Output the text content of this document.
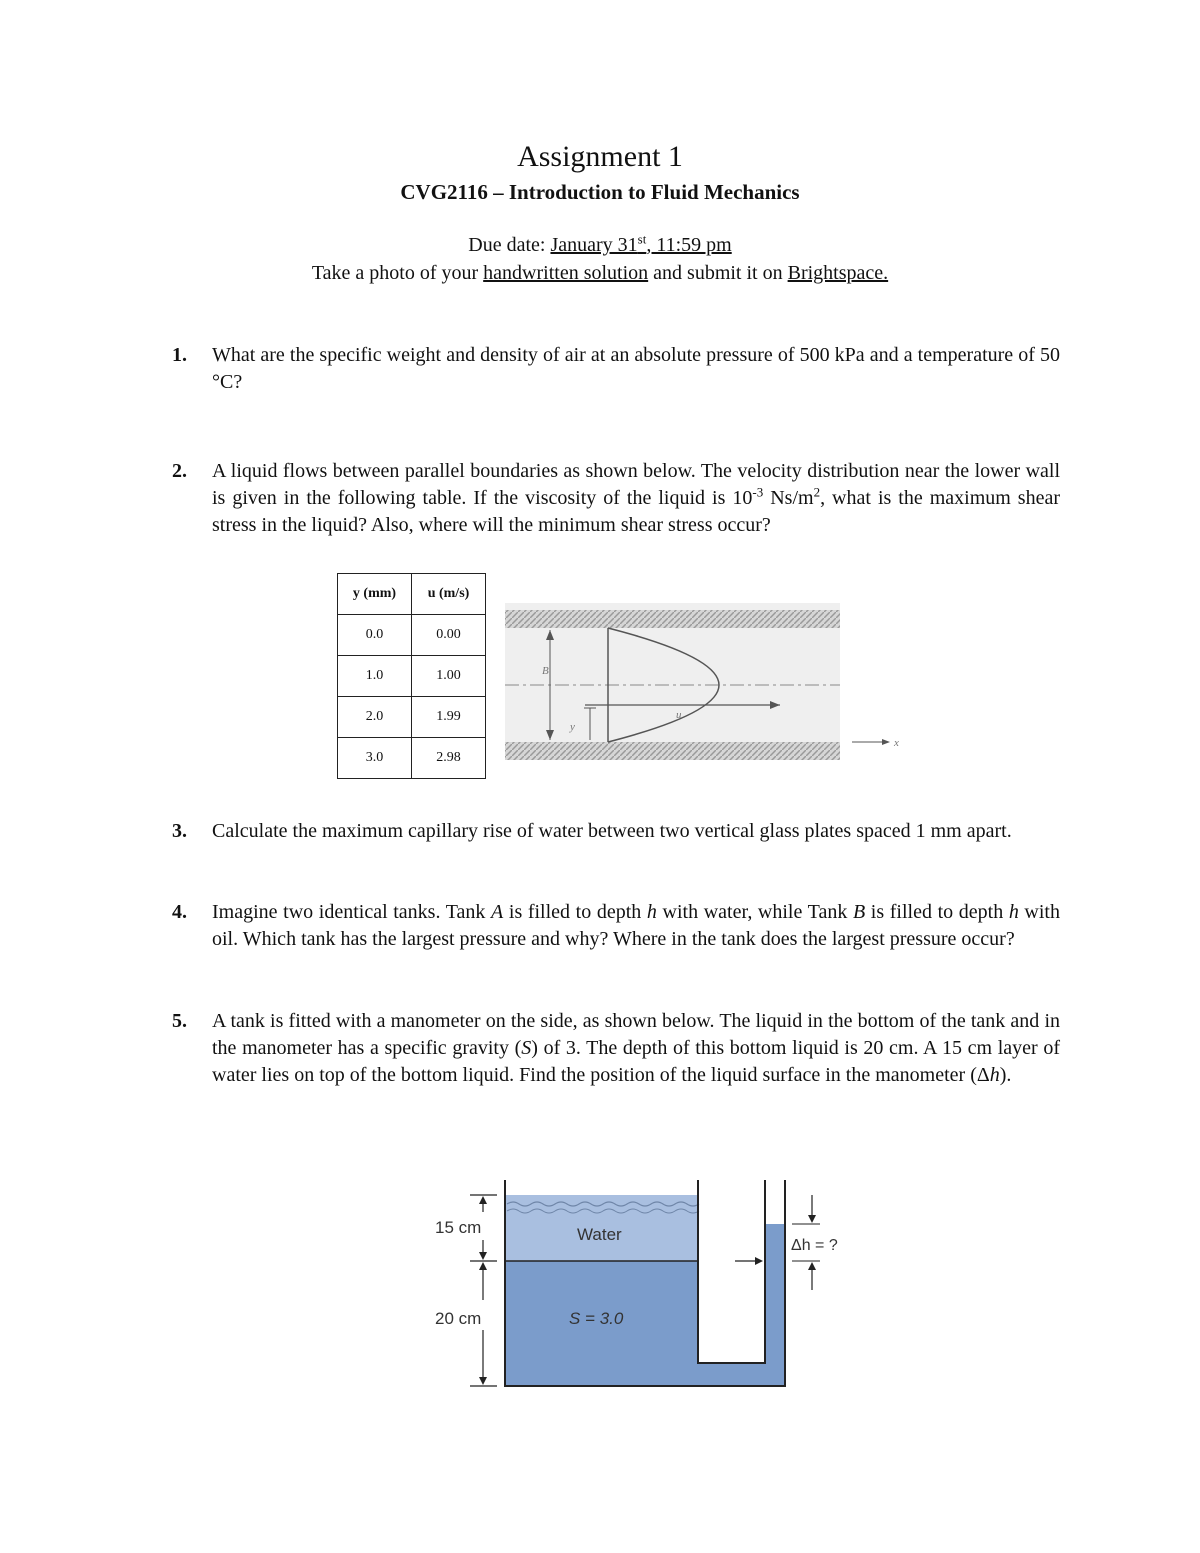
Assignment 1
CVG2116 – Introduction to Fluid Mechanics
Due date: January 31st, 11:59 pm
Take a photo of your handwritten solution and submit it on Brightspace.
1. What are the specific weight and density of air at an absolute pressure of 500 kPa and a temperature of 50 °C?
2. A liquid flows between parallel boundaries as shown below. The velocity distribution near the lower wall is given in the following table. If the viscosity of the liquid is $10^{-3}$ $Ns/m^2$, what is the maximum shear stress in the liquid? Also, where will the minimum shear stress occur?
y (mm)	u (m/s)
0.0	0.00
1.0	1.00
2.0	1.99
3.0	2.98
B
y
u
x
3. Calculate the maximum capillary rise of water between two vertical glass plates spaced 1 mm apart.
4. Imagine two identical tanks. Tank A is filled to depth h with water, while Tank B is filled to depth h with oil. Which tank has the largest pressure and why? Where in the tank does the largest pressure occur?
5. A tank is fitted with a manometer on the side, as shown below. The liquid in the bottom of the tank and in the manometer has a specific gravity (S) of 3. The depth of this bottom liquid is 20 cm. A 15 cm layer of water lies on top of the bottom liquid. Find the position of the liquid surface in the manometer (Δh).
15 cm
20 cm
Water
S = 3.0
Δh = ?
